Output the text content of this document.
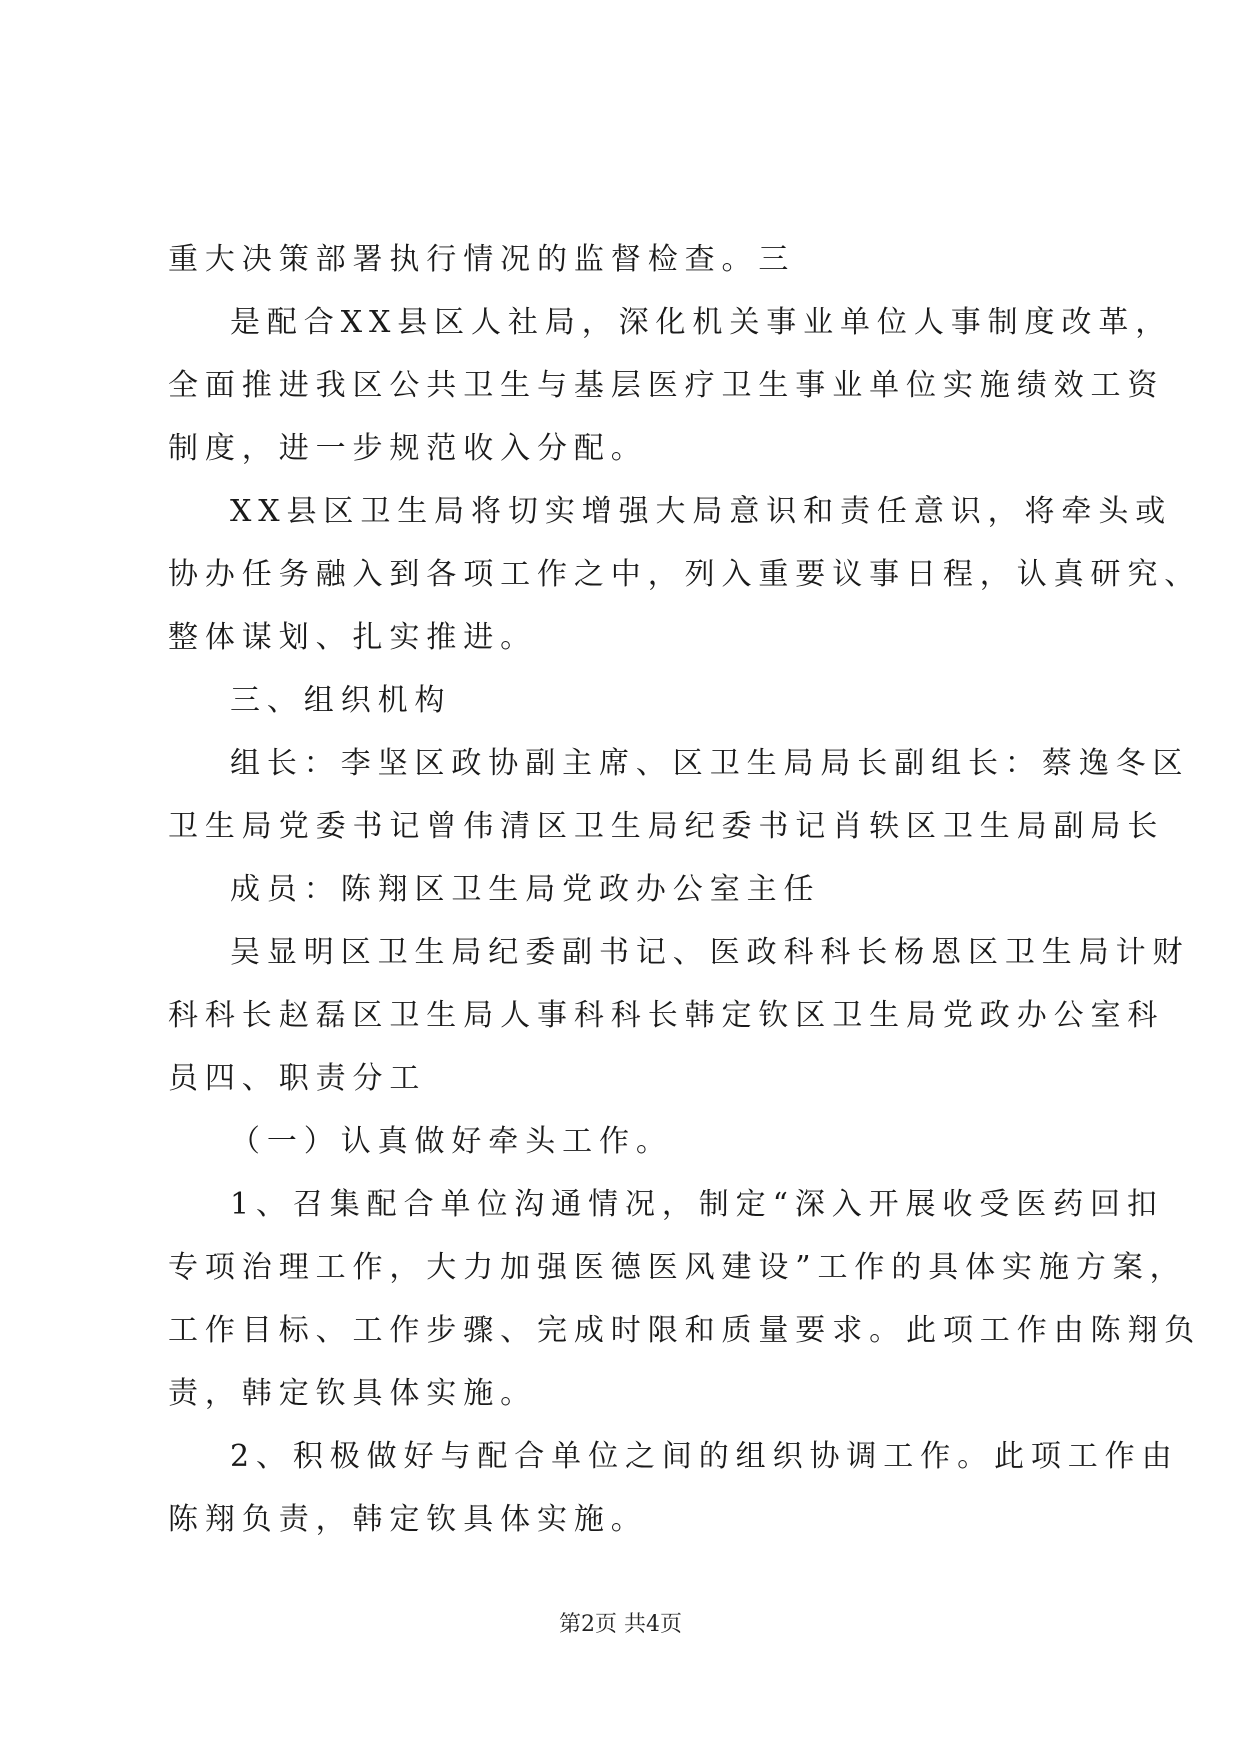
重大决策部署执行情况的监督检查。三
是配合XX县区人社局，深化机关事业单位人事制度改革，
全面推进我区公共卫生与基层医疗卫生事业单位实施绩效工资
制度，进一步规范收入分配。
XX县区卫生局将切实增强大局意识和责任意识，将牵头或
协办任务融入到各项工作之中，列入重要议事日程，认真研究、
整体谋划、扎实推进。
三、组织机构
组长：李坚区政协副主席、区卫生局局长副组长：蔡逸冬区
卫生局党委书记曾伟清区卫生局纪委书记肖轶区卫生局副局长
成员：陈翔区卫生局党政办公室主任
吴显明区卫生局纪委副书记、医政科科长杨恩区卫生局计财
科科长赵磊区卫生局人事科科长韩定钦区卫生局党政办公室科
员四、职责分工
（一）认真做好牵头工作。
1、召集配合单位沟通情况，制定“深入开展收受医药回扣
专项治理工作，大力加强医德医风建设”工作的具体实施方案，
工作目标、工作步骤、完成时限和质量要求。此项工作由陈翔负
责，韩定钦具体实施。
2、积极做好与配合单位之间的组织协调工作。此项工作由
陈翔负责，韩定钦具体实施。
第2页 共4页
